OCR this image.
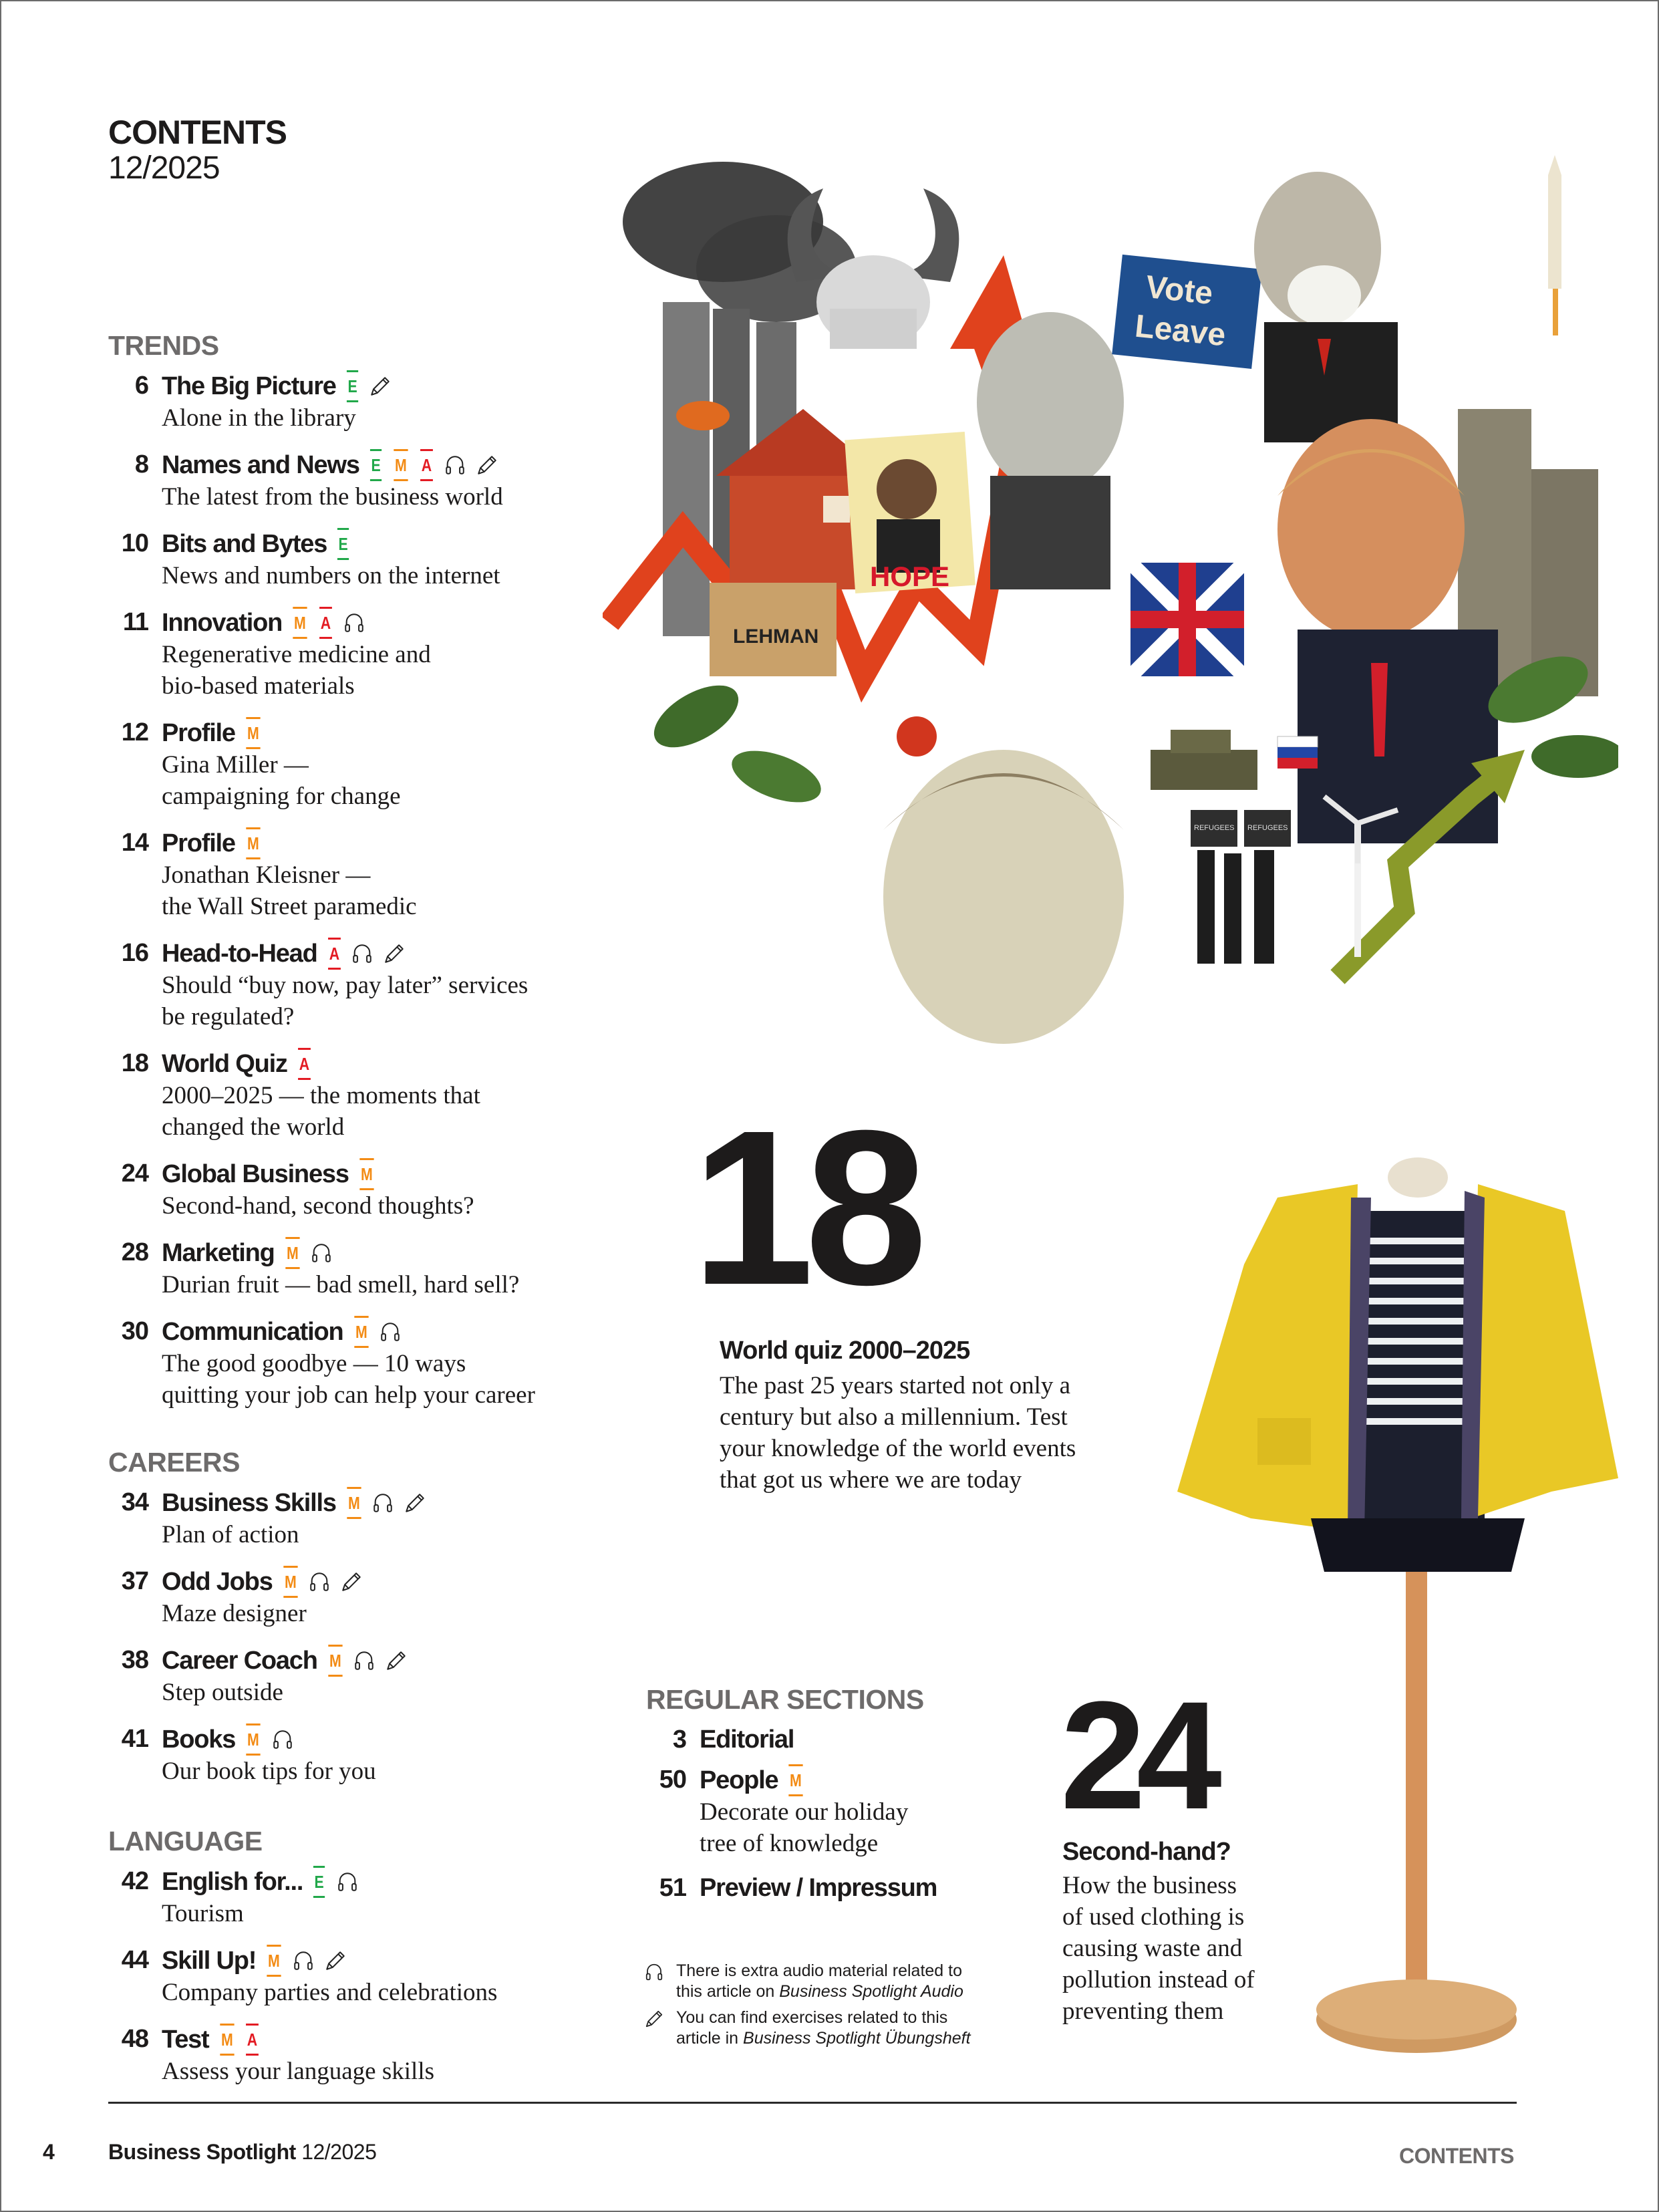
CONTENTS
12/2025
TRENDS
6 The Big Picture E
Alone in the library
8 Names and News E M A
The latest from the business world
10 Bits and Bytes E
News and numbers on the internet
11 Innovation M A
Regenerative medicine and
bio-based materials
12 Profile M
Gina Miller —
campaigning for change
14 Profile M
Jonathan Kleisner —
the Wall Street paramedic
16 Head-to-Head A
Should “buy now, pay later” services
be regulated?
18 World Quiz A
2000–2025 — the moments that
changed the world
24 Global Business M
Second-hand, second thoughts?
28 Marketing M
Durian fruit — bad smell, hard sell?
30 Communication M
The good goodbye — 10 ways
quitting your job can help your career
CAREERS
34 Business Skills M
Plan of action
37 Odd Jobs M
Maze designer
38 Career Coach M
Step outside
41 Books M
Our book tips for you
LANGUAGE
42 English for... E
Tourism
44 Skill Up! M
Company parties and celebrations
48 Test M A
Assess your language skills
LEHMAN
HOPE
Vote
Leave
REFUGEES REFUGEES
18
World quiz 2000–2025
The past 25 years started not only a
century but also a millennium. Test
your knowledge of the world events
that got us where we are today
REGULAR SECTIONS
3 Editorial
50 People M
Decorate our holiday
tree of knowledge
51 Preview / Impressum
There is extra audio material related to
this article on Business Spotlight Audio
You can find exercises related to this
article in Business Spotlight Übungsheft
24
Second-hand?
How the business
of used clothing is
causing waste and
pollution instead of
preventing them
4	Business Spotlight 12/2025	CONTENTS
